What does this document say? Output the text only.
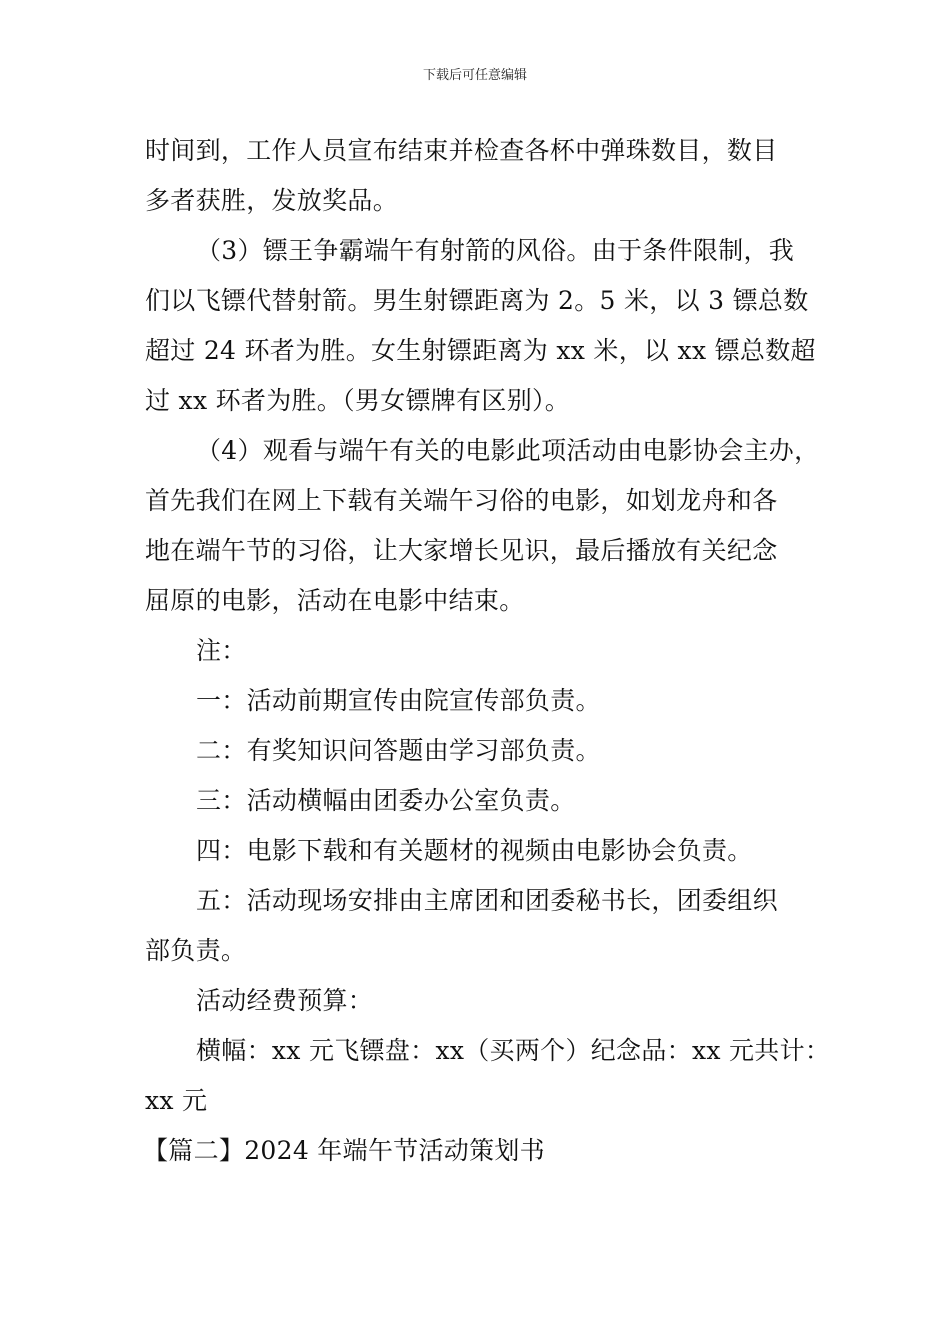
下载后可任意编辑
时间到，工作人员宣布结束并检查各杯中弹珠数目，数目
多者获胜，发放奖品。
（3）镖王争霸端午有射箭的风俗。由于条件限制，我
们以飞镖代替射箭。男生射镖距离为 2。5 米，以 3 镖总数
超过 24 环者为胜。女生射镖距离为 xx 米，以 xx 镖总数超
过 xx 环者为胜。（男女镖牌有区别）。
（4）观看与端午有关的电影此项活动由电影协会主办，
首先我们在网上下载有关端午习俗的电影，如划龙舟和各
地在端午节的习俗，让大家增长见识，最后播放有关纪念
屈原的电影，活动在电影中结束。
注：
一：活动前期宣传由院宣传部负责。
二：有奖知识问答题由学习部负责。
三：活动横幅由团委办公室负责。
四：电影下载和有关题材的视频由电影协会负责。
五：活动现场安排由主席团和团委秘书长，团委组织
部负责。
活动经费预算：
横幅：xx 元飞镖盘：xx（买两个）纪念品：xx 元共计：
xx 元
【篇二】2024 年端午节活动策划书
